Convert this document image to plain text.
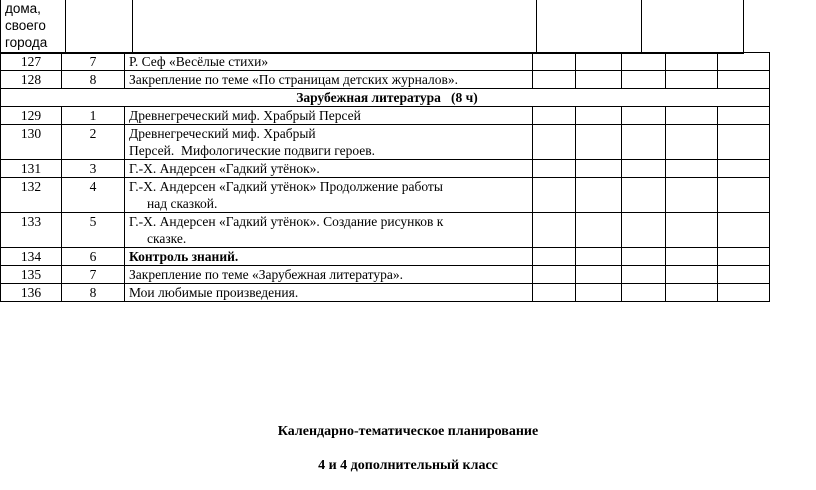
дома,
своего
города

127	7	Р. Сеф «Весёлые стихи»					
128	8	Закрепление по теме «По страницам детских журналов».					
Зарубежная литература   (8 ч)							
129	1	Древнегреческий миф. Храбрый Персей					
130	2	Древнегреческий миф. Храбрый
Персей.  Мифологические подвиги героев.					

131	3	Г.-Х. Андерсен «Гадкий утёнок».					
132	4	Г.-Х. Андерсен «Гадкий утёнок» Продолжение работы
над сказкой.					

133	5	Г.-Х. Андерсен «Гадкий утёнок». Создание рисунков к
сказке.					

134	6	Контроль знаний.					
135	7	Закрепление по теме «Зарубежная литература».					
136	8	Мои любимые произведения.					
Календарно-тематическое планирование
4 и 4 дополнительный класс
